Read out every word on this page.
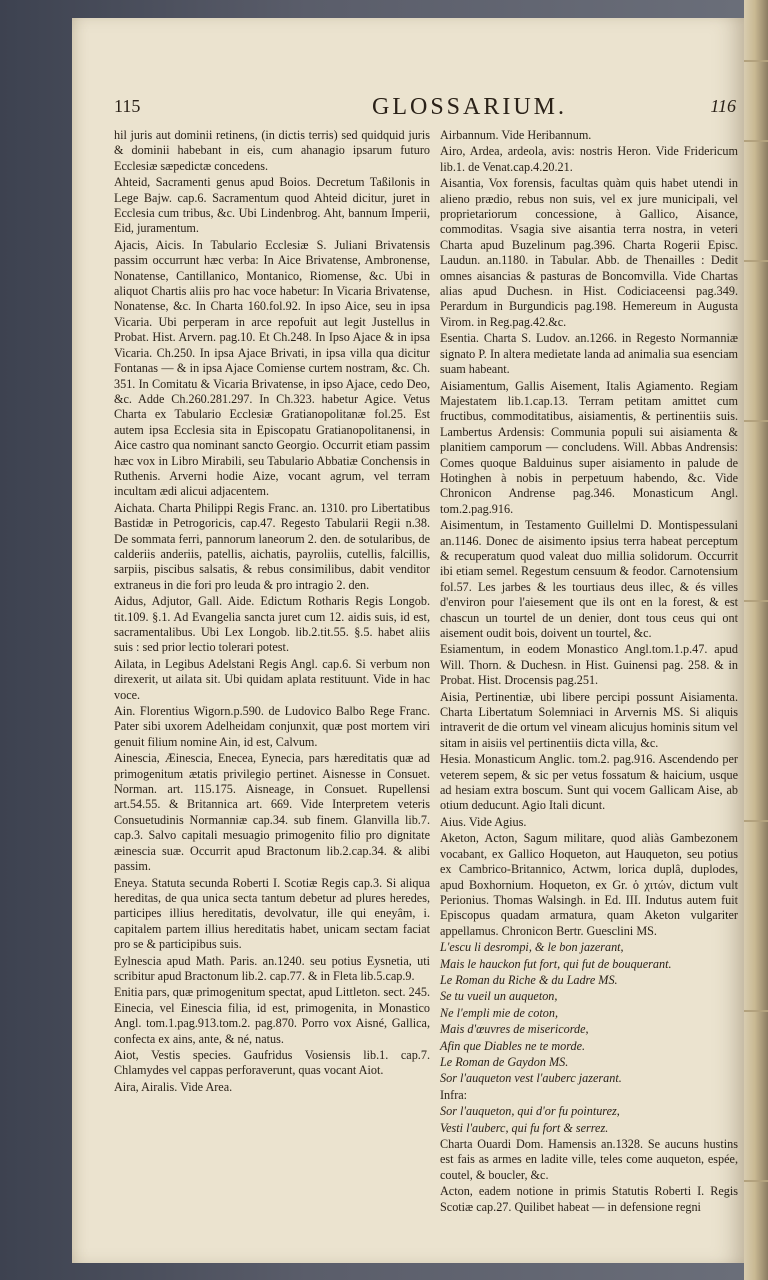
115	GLOSSARIUM.	116

hil juris aut dominii retinens, (in dictis terris) sed quidquid juris & dominii habebant in eis, cum ahanagio ipsarum futuro Ecclesiæ sæpedictæ concedens.

Ahteid, Sacramenti genus apud Boios. Decretum Taßilonis in Lege Bajw. cap.6. Sacramentum quod Ahteid dicitur, juret in Ecclesia cum tribus, &c. Ubi Lindenbrog. Aht, bannum Imperii, Eid, juramentum.

Ajacis, Aicis. In Tabulario Ecclesiæ S. Juliani Brivatensis passim occurrunt hæc verba: In Aice Brivatense, Ambronense, Nonatense, Cantillanico, Montanico, Riomense, &c. Ubi in aliquot Chartis aliis pro hac voce habetur: In Vicaria Brivatense, Nonatense, &c. In Charta 160.fol.92. In ipso Aice, seu in ipsa Vicaria. Ubi perperam in arce repofuit aut legit Justellus in Probat. Hist. Arvern. pag.10. Et Ch.248. In Ipso Ajace & in ipsa Vicaria. Ch.250. In ipsa Ajace Brivati, in ipsa villa qua dicitur Fontanas — & in ipsa Ajace Comiense curtem nostram, &c. Ch. 351. In Comitatu & Vicaria Brivatense, in ipso Ajace, cedo Deo, &c. Adde Ch.260.281.297. In Ch.323. habetur Agice. Vetus Charta ex Tabulario Ecclesiæ Gratianopolitanæ fol.25. Est autem ipsa Ecclesia sita in Episcopatu Gratianopolitanensi, in Aice castro qua nominant sancto Georgio. Occurrit etiam passim hæc vox in Libro Mirabili, seu Tabulario Abbatiæ Conchensis in Ruthenis. Arverni hodie Aize, vocant agrum, vel terram incultam ædi alicui adjacentem.

Aichata. Charta Philippi Regis Franc. an. 1310. pro Libertatibus Bastidæ in Petrogoricis, cap.47. Regesto Tabularii Regii n.38. De sommata ferri, pannorum laneorum 2. den. de sotularibus, de calderiis anderiis, patellis, aichatis, payroliis, cutellis, falcillis, sarpiis, piscibus salsatis, & rebus consimilibus, dabit venditor extraneus in die fori pro leuda & pro intragio 2. den.

Aidus, Adjutor, Gall. Aide. Edictum Rotharis Regis Longob. tit.109. §.1. Ad Evangelia sancta juret cum 12. aidis suis, id est, sacramentalibus. Ubi Lex Longob. lib.2.tit.55. §.5. habet aliis suis : sed prior lectio tolerari potest.

Ailata, in Legibus Adelstani Regis Angl. cap.6. Si verbum non direxerit, ut ailata sit. Ubi quidam aplata restituunt. Vide in hac voce.

Ain. Florentius Wigorn.p.590. de Ludovico Balbo Rege Franc. Pater sibi uxorem Adelheidam conjunxit, quæ post mortem viri genuit filium nomine Ain, id est, Calvum.

Ainescia, Æinescia, Enecea, Eynecia, pars hæreditatis quæ ad primogenitum ætatis privilegio pertinet. Aisnesse in Consuet. Norman. art. 115.175. Aisneage, in Consuet. Rupellensi art.54.55. & Britannica art. 669. Vide Interpretem veteris Consuetudinis Normanniæ cap.34. sub finem. Glanvilla lib.7. cap.3. Salvo capitali mesuagio primogenito filio pro dignitate æinescia suæ. Occurrit apud Bractonum lib.2.cap.34. & alibi passim.

Eneya. Statuta secunda Roberti I. Scotiæ Regis cap.3. Si aliqua hereditas, de qua unica secta tantum debetur ad plures heredes, participes illius hereditatis, devolvatur, ille qui eneyâm, i. capitalem partem illius hereditatis habet, unicam sectam faciat pro se & participibus suis.

Eylnescia apud Math. Paris. an.1240. seu potius Eysnetia, uti scribitur apud Bractonum lib.2. cap.77. & in Fleta lib.5.cap.9.

Enitia pars, quæ primogenitum spectat, apud Littleton. sect. 245. Einecia, vel Einescia filia, id est, primogenita, in Monastico Angl. tom.1.pag.913.tom.2. pag.870. Porro vox Aisné, Gallica, confecta ex ains, ante, & né, natus.

Aiot, Vestis species. Gaufridus Vosiensis lib.1. cap.7. Chlamydes vel cappas perforaverunt, quas vocant Aiot.

Aira, Airalis. Vide Area.

Airbannum. Vide Heribannum.

Airo, Ardea, ardeola, avis: nostris Heron. Vide Fridericum lib.1. de Venat.cap.4.20.21.

Aisantia, Vox forensis, facultas quàm quis habet utendi in alieno prædio, rebus non suis, vel ex jure municipali, vel proprietariorum concessione, à Gallico, Aisance, commoditas. Vsagia sive aisantia terra nostra, in veteri Charta apud Buzelinum pag.396. Charta Rogerii Episc. Laudun. an.1180. in Tabular. Abb. de Thenailles : Dedit omnes aisancias & pasturas de Boncomvilla. Vide Chartas alias apud Duchesn. in Hist. Codiciaceensi pag.349. Perardum in Burgundicis pag.198. Hemereum in Augusta Virom. in Reg.pag.42.&c.

Esentia. Charta S. Ludov. an.1266. in Regesto Normanniæ signato P. In altera medietate landa ad animalia sua esenciam suam habeant.

Aisiamentum, Gallis Aisement, Italis Agiamento. Regiam Majestatem lib.1.cap.13. Terram petitam amittet cum fructibus, commoditatibus, aisiamentis, & pertinentiis suis. Lambertus Ardensis: Communia populi sui aisiamenta & planitiem camporum — concludens. Will. Abbas Andrensis: Comes quoque Balduinus super aisiamento in palude de Hotinghen à nobis in perpetuum habendo, &c. Vide Chronicon Andrense pag.346. Monasticum Angl. tom.2.pag.916.

Aisimentum, in Testamento Guillelmi D. Montispessulani an.1146. Donec de aisimento ipsius terra habeat perceptum & recuperatum quod valeat duo millia solidorum. Occurrit ibi etiam semel. Regestum censuum & feodor. Carnotensium fol.57. Les jarbes & les tourtiaus deus illec, & és villes d'environ pour l'aiesement que ils ont en la forest, & est chascun un tourtel de un denier, dont tous ceus qui ont aisement oudit bois, doivent un tourtel, &c.

Esiamentum, in eodem Monastico Angl.tom.1.p.47. apud Will. Thorn. & Duchesn. in Hist. Guinensi pag. 258. & in Probat. Hist. Drocensis pag.251.

Aisia, Pertinentiæ, ubi libere percipi possunt Aisiamenta. Charta Libertatum Solemniaci in Arvernis MS. Si aliquis intraverit de die ortum vel vineam alicujus hominis situm vel sitam in aisiis vel pertinentiis dicta villa, &c.

Hesia. Monasticum Anglic. tom.2. pag.916. Ascendendo per veterem sepem, & sic per vetus fossatum & haicium, usque ad hesiam extra boscum. Sunt qui vocem Gallicam Aise, ab otium deducunt. Agio Itali dicunt.

Aius. Vide Agius.

Aketon, Acton, Sagum militare, quod aliàs Gambezonem vocabant, ex Gallico Hoqueton, aut Hauqueton, seu potius ex Cambrico-Britannico, Actwm, lorica duplâ, duplodes, apud Boxhornium. Hoqueton, ex Gr. ὁ χιτών, dictum vult Perionius. Thomas Walsingh. in Ed. III. Indutus autem fuit Episcopus quadam armatura, quam Aketon vulgariter appellamus. Chronicon Bertr. Guesclini MS.

L'escu li desrompi, & le bon jazerant,

Mais le hauckon fut fort, qui fut de bouquerant.

Le Roman du Riche & du Ladre MS.

Se tu vueil un auqueton,

Ne l'empli mie de coton,

Mais d'œuvres de misericorde,

Afin que Diables ne te morde.

Le Roman de Gaydon MS.

Sor l'auqueton vest l'auberc jazerant.

Infra:

Sor l'auqueton, qui d'or fu pointurez,

Vesti l'auberc, qui fu fort & serrez.

Charta Ouardi Dom. Hamensis an.1328. Se aucuns hustins est fais as armes en ladite ville, teles come auqueton, espée, coutel, & boucler, &c.

Acton, eadem notione in primis Statutis Roberti I. Regis Scotiæ cap.27. Quilibet habeat — in defensione regni
